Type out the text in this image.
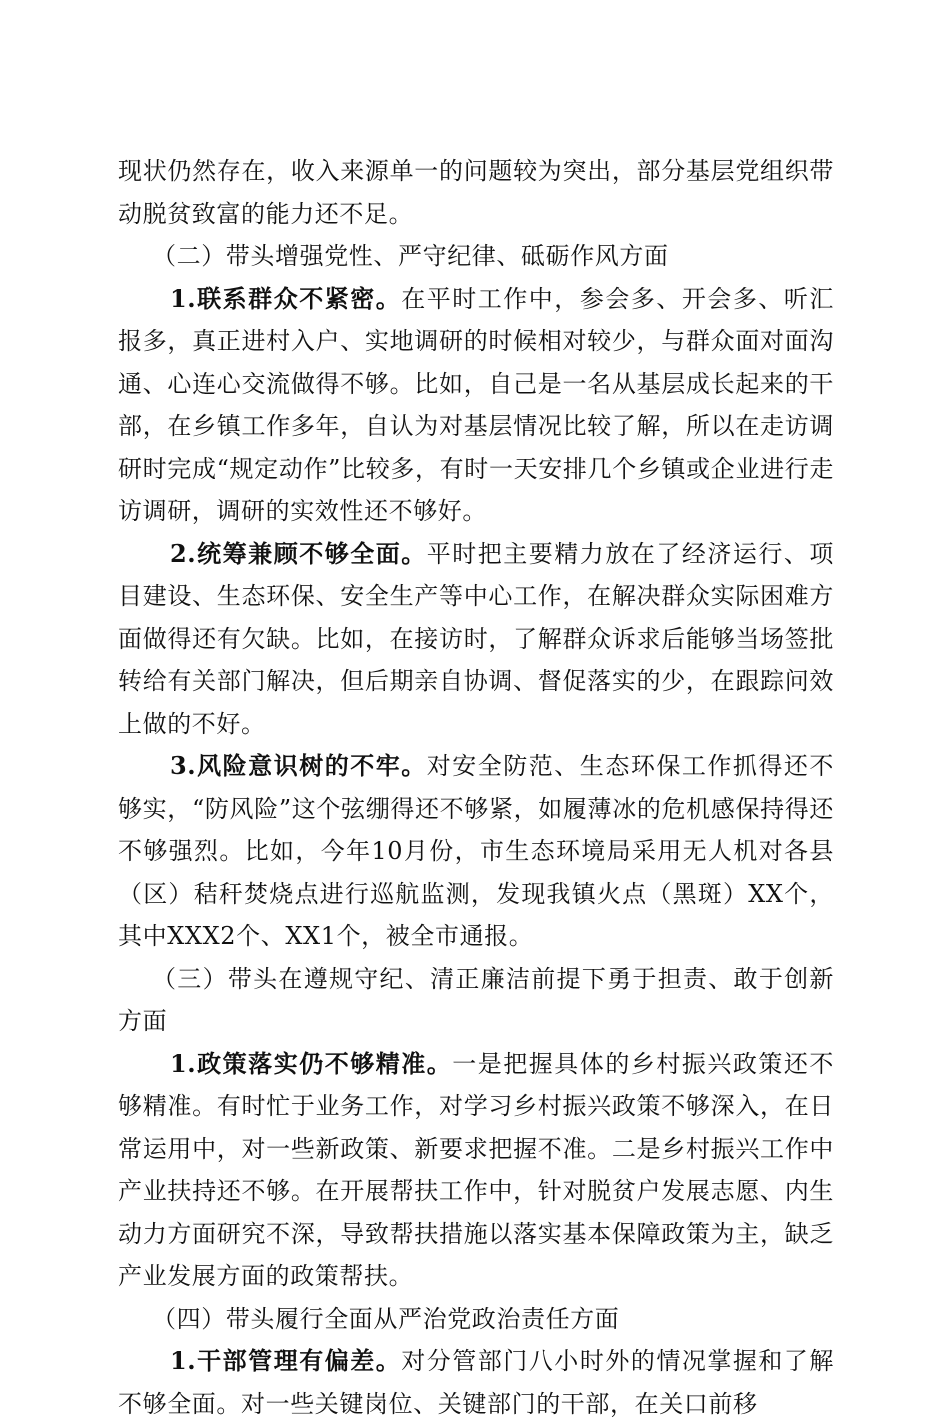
现状仍然存在，收入来源单一的问题较为突出，部分基层党组织带动脱贫致富的能力还不足。

（二）带头增强党性、严守纪律、砥砺作风方面

1.联系群众不紧密。在平时工作中，参会多、开会多、听汇报多，真正进村入户、实地调研的时候相对较少，与群众面对面沟通、心连心交流做得不够。比如，自己是一名从基层成长起来的干部，在乡镇工作多年，自认为对基层情况比较了解，所以在走访调研时完成“规定动作”比较多，有时一天安排几个乡镇或企业进行走访调研，调研的实效性还不够好。

2.统筹兼顾不够全面。平时把主要精力放在了经济运行、项目建设、生态环保、安全生产等中心工作，在解决群众实际困难方面做得还有欠缺。比如，在接访时，了解群众诉求后能够当场签批转给有关部门解决，但后期亲自协调、督促落实的少，在跟踪问效上做的不好。

3.风险意识树的不牢。对安全防范、生态环保工作抓得还不够实，“防风险”这个弦绷得还不够紧，如履薄冰的危机感保持得还不够强烈。比如，今年10月份，市生态环境局采用无人机对各县（区）秸秆焚烧点进行巡航监测，发现我镇火点（黑斑）XX个，其中XXX2个、XX1个，被全市通报。

（三）带头在遵规守纪、清正廉洁前提下勇于担责、敢于创新方面

1.政策落实仍不够精准。一是把握具体的乡村振兴政策还不够精准。有时忙于业务工作，对学习乡村振兴政策不够深入，在日常运用中，对一些新政策、新要求把握不准。二是乡村振兴工作中产业扶持还不够。在开展帮扶工作中，针对脱贫户发展志愿、内生动力方面研究不深，导致帮扶措施以落实基本保障政策为主，缺乏产业发展方面的政策帮扶。

（四）带头履行全面从严治党政治责任方面

1.干部管理有偏差。对分管部门八小时外的情况掌握和了解不够全面。对一些关键岗位、关键部门的干部，在关口前移
